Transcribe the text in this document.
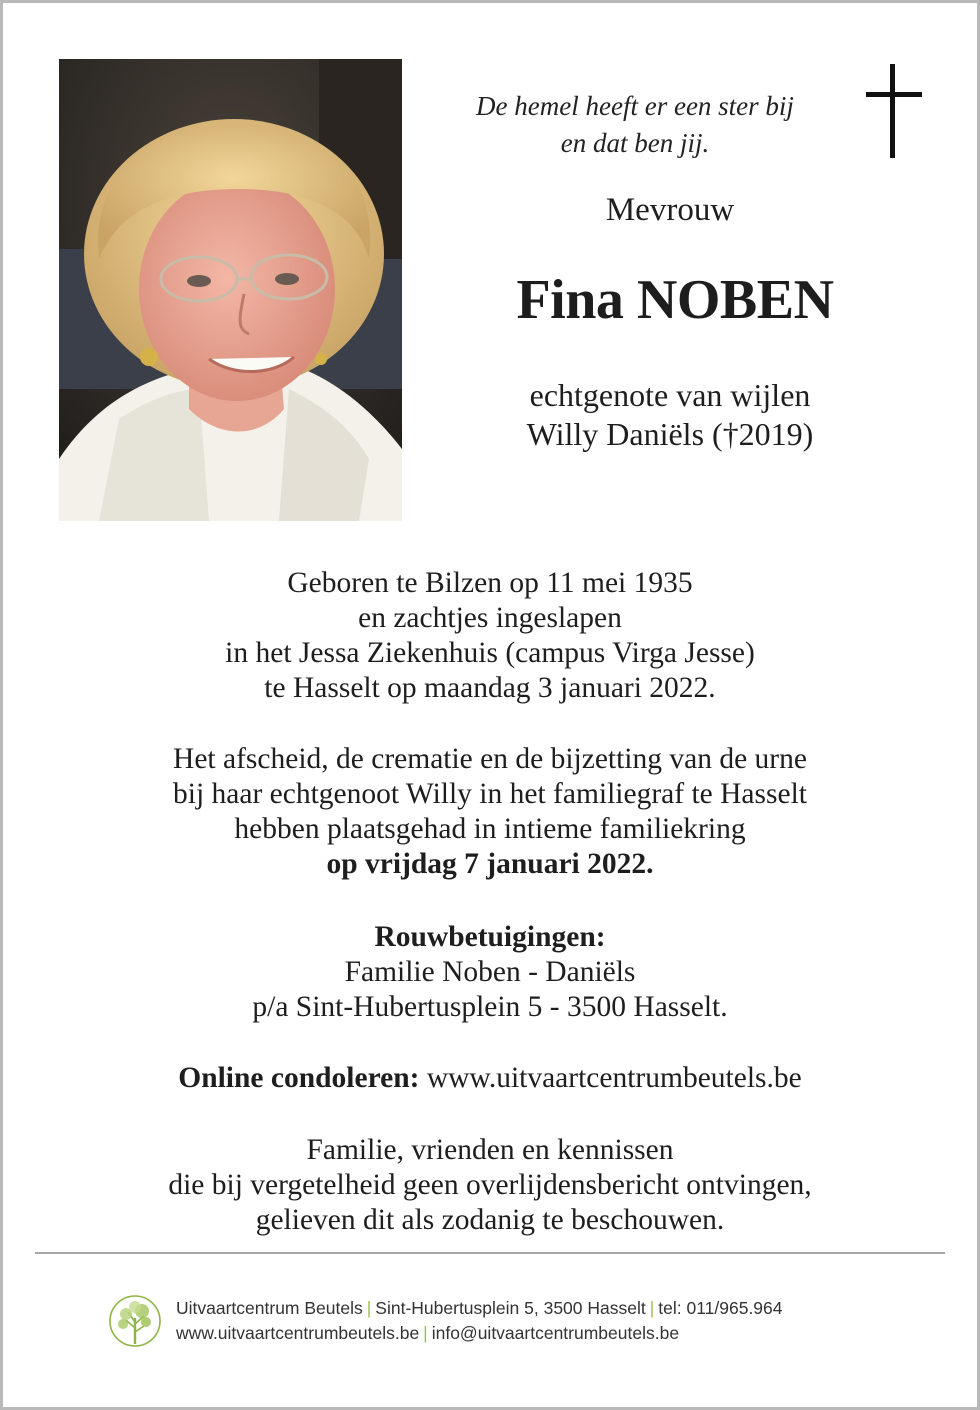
De hemel heeft er een ster bij
en dat ben jij.
Mevrouw
Fina NOBEN
echtgenote van wijlen
Willy Daniëls (†2019)

Geboren te Bilzen op 11 mei 1935

en zachtjes ingeslapen

in het Jessa Ziekenhuis (campus Virga Jesse)

te Hasselt op maandag 3 januari 2022.

Het afscheid, de crematie en de bijzetting van de urne

bij haar echtgenoot Willy in het familiegraf te Hasselt

hebben plaatsgehad in intieme familiekring

op vrijdag 7 januari 2022.

Rouwbetuigingen:

Familie Noben - Daniëls

p/a Sint-Hubertusplein 5 - 3500 Hasselt.

Online condoleren: www.uitvaartcentrumbeutels.be

Familie, vrienden en kennissen

die bij vergetelheid geen overlijdensbericht ontvingen,

gelieven dit als zodanig te beschouwen.

Uitvaartcentrum Beutels | Sint-Hubertusplein 5, 3500 Hasselt | tel: 011/965.964
www.uitvaartcentrumbeutels.be | info@uitvaartcentrumbeutels.be
